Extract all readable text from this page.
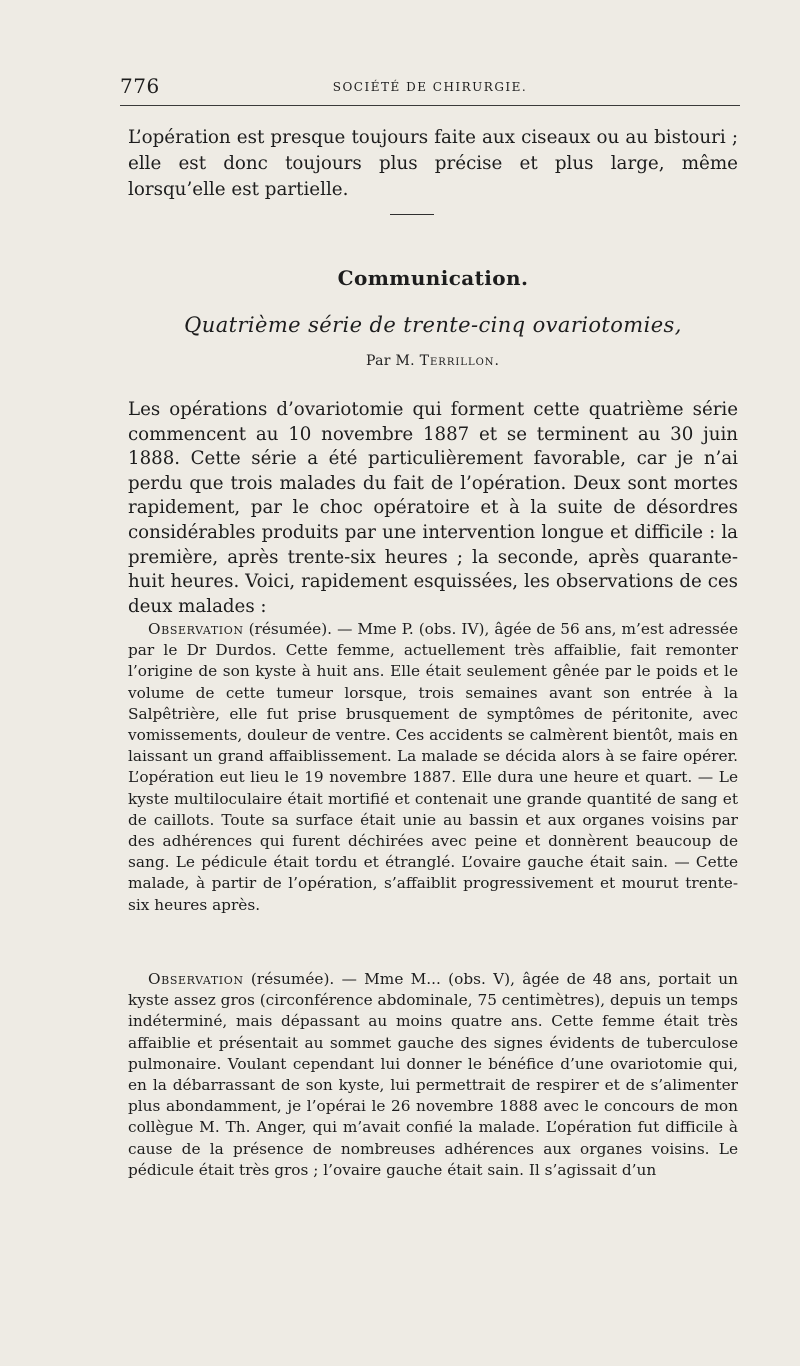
776	SOCIÉTÉ DE CHIRURGIE.

L’opération est presque toujours faite aux ciseaux ou au bistouri ; elle est donc toujours plus précise et plus large, même lorsqu’elle est partielle.

Communication.
Quatrième série de trente-cinq ovariotomies,
Par M. Terrillon.

Les opérations d’ovariotomie qui forment cette quatrième série commencent au 10 novembre 1887 et se terminent au 30 juin 1888. Cette série a été particulièrement favorable, car je n’ai perdu que trois malades du fait de l’opération. Deux sont mortes rapidement, par le choc opératoire et à la suite de désordres considérables produits par une intervention longue et difficile : la première, après trente-six heures ; la seconde, après quarante-huit heures. Voici, rapidement esquissées, les observations de ces deux malades :

Observation (résumée). — Mme P. (obs. IV), âgée de 56 ans, m’est adressée par le Dr Durdos. Cette femme, actuellement très affaiblie, fait remonter l’origine de son kyste à huit ans. Elle était seulement gênée par le poids et le volume de cette tumeur lorsque, trois semaines avant son entrée à la Salpêtrière, elle fut prise brusquement de symptômes de péritonite, avec vomissements, douleur de ventre. Ces accidents se calmèrent bientôt, mais en laissant un grand affaiblissement. La malade se décida alors à se faire opérer. L’opération eut lieu le 19 novembre 1887. Elle dura une heure et quart. — Le kyste multiloculaire était mortifié et contenait une grande quantité de sang et de caillots. Toute sa surface était unie au bassin et aux organes voisins par des adhérences qui furent déchirées avec peine et donnèrent beaucoup de sang. Le pédicule était tordu et étranglé. L’ovaire gauche était sain. — Cette malade, à partir de l’opération, s’affaiblit progressivement et mourut trente-six heures après.

Observation (résumée). — Mme M... (obs. V), âgée de 48 ans, portait un kyste assez gros (circonférence abdominale, 75 centimètres), depuis un temps indéterminé, mais dépassant au moins quatre ans. Cette femme était très affaiblie et présentait au sommet gauche des signes évidents de tuberculose pulmonaire. Voulant cependant lui donner le bénéfice d’une ovariotomie qui, en la débarrassant de son kyste, lui permettrait de respirer et de s’alimenter plus abondamment, je l’opérai le 26 novembre 1888 avec le concours de mon collègue M. Th. Anger, qui m’avait confié la malade. L’opération fut difficile à cause de la présence de nombreuses adhérences aux organes voisins. Le pédicule était très gros ; l’ovaire gauche était sain. Il s’agissait d’un
